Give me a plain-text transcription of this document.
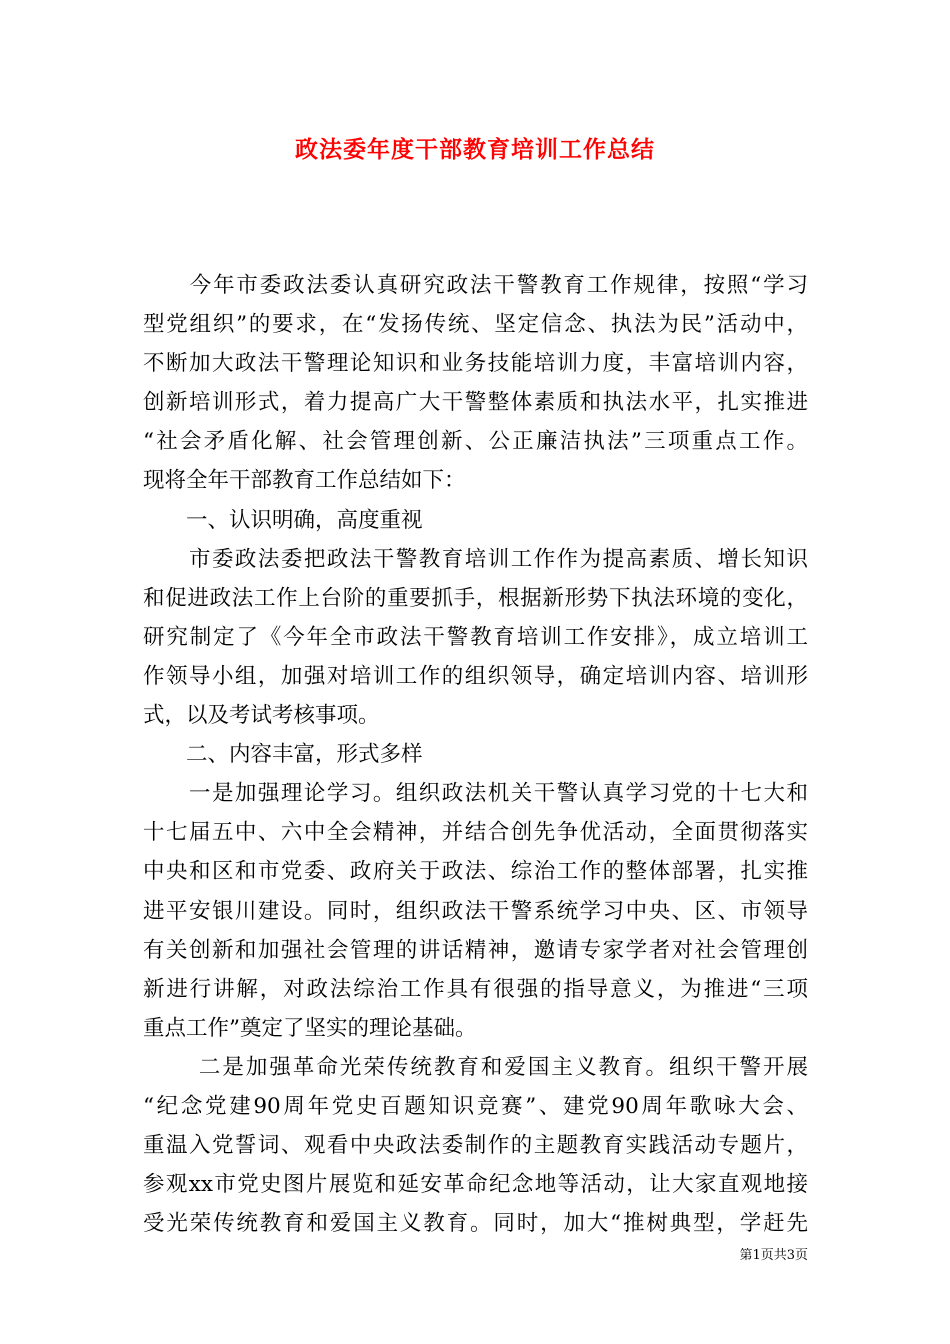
政法委年度干部教育培训工作总结
　　今年市委政法委认真研究政法干警教育工作规律，按照“学习
型党组织”的要求，在“发扬传统、坚定信念、执法为民”活动中，
不断加大政法干警理论知识和业务技能培训力度，丰富培训内容，
创新培训形式，着力提高广大干警整体素质和执法水平，扎实推进
“社会矛盾化解、社会管理创新、公正廉洁执法”三项重点工作。
现将全年干部教育工作总结如下：
　　一、认识明确，高度重视
　　市委政法委把政法干警教育培训工作作为提高素质、增长知识
和促进政法工作上台阶的重要抓手，根据新形势下执法环境的变化，
研究制定了《今年全市政法干警教育培训工作安排》，成立培训工
作领导小组，加强对培训工作的组织领导，确定培训内容、培训形
式，以及考试考核事项。
　　二、内容丰富，形式多样
　　一是加强理论学习。组织政法机关干警认真学习党的十七大和
十七届五中、六中全会精神，并结合创先争优活动，全面贯彻落实
中央和区和市党委、政府关于政法、综治工作的整体部署，扎实推
进平安银川建设。同时，组织政法干警系统学习中央、区、市领导
有关创新和加强社会管理的讲话精神，邀请专家学者对社会管理创
新进行讲解，对政法综治工作具有很强的指导意义，为推进“三项
重点工作”奠定了坚实的理论基础。
　　 二是加强革命光荣传统教育和爱国主义教育。组织干警开展
“纪念党建90周年党史百题知识竞赛”、建党90周年歌咏大会、
重温入党誓词、观看中央政法委制作的主题教育实践活动专题片，
参观xx市党史图片展览和延安革命纪念地等活动，让大家直观地接
受光荣传统教育和爱国主义教育。同时，加大“推树典型，学赶先
第1页共3页
